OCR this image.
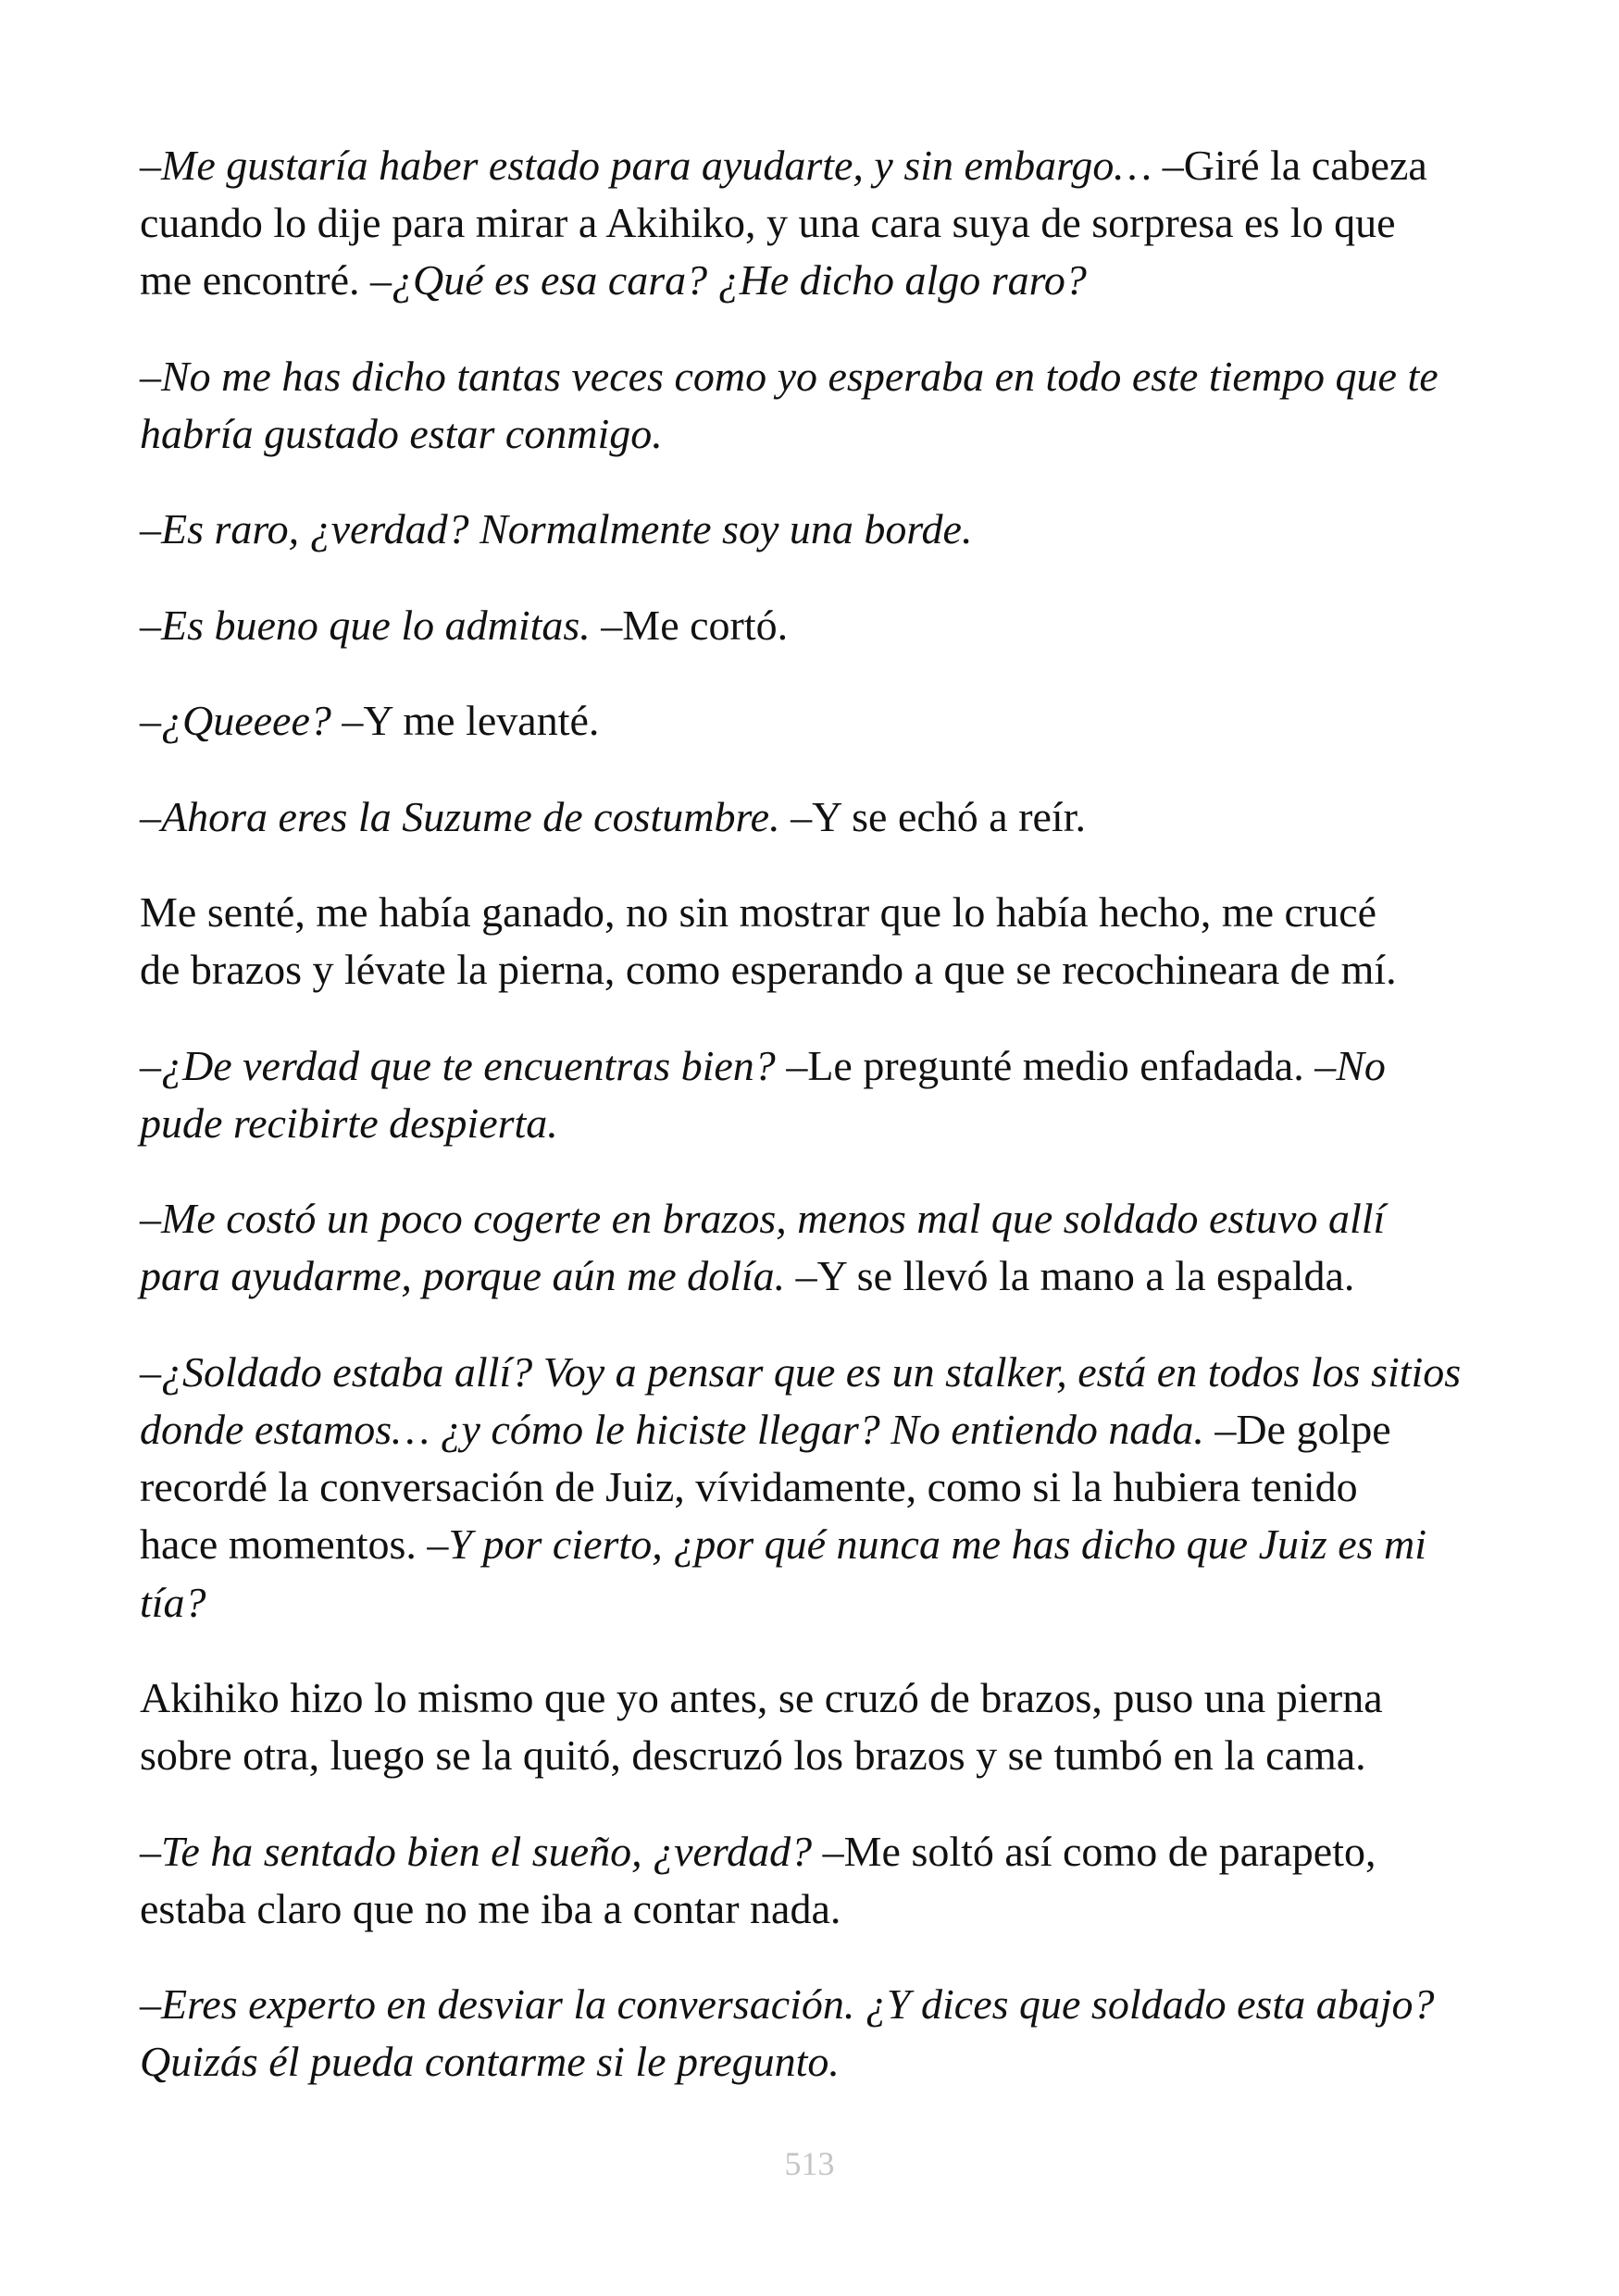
–Me gustaría haber estado para ayudarte, y sin embargo… –Giré la cabeza
cuando lo dije para mirar a Akihiko, y una cara suya de sorpresa es lo que
me encontré. –¿Qué es esa cara? ¿He dicho algo raro?

–No me has dicho tantas veces como yo esperaba en todo este tiempo que te
habría gustado estar conmigo.

–Es raro, ¿verdad? Normalmente soy una borde.

–Es bueno que lo admitas. –Me cortó.

–¿Queeee? –Y me levanté.

–Ahora eres la Suzume de costumbre. –Y se echó a reír.

Me senté, me había ganado, no sin mostrar que lo había hecho, me crucé
de brazos y lévate la pierna, como esperando a que se recochineara de mí.

–¿De verdad que te encuentras bien? –Le pregunté medio enfadada. –No
pude recibirte despierta.

–Me costó un poco cogerte en brazos, menos mal que soldado estuvo allí
para ayudarme, porque aún me dolía. –Y se llevó la mano a la espalda.

–¿Soldado estaba allí? Voy a pensar que es un stalker, está en todos los sitios
donde estamos… ¿y cómo le hiciste llegar? No entiendo nada. –De golpe
recordé la conversación de Juiz, vívidamente, como si la hubiera tenido
hace momentos. –Y por cierto, ¿por qué nunca me has dicho que Juiz es mi
tía?

Akihiko hizo lo mismo que yo antes, se cruzó de brazos, puso una pierna
sobre otra, luego se la quitó, descruzó los brazos y se tumbó en la cama.

–Te ha sentado bien el sueño, ¿verdad? –Me soltó así como de parapeto,
estaba claro que no me iba a contar nada.

–Eres experto en desviar la conversación. ¿Y dices que soldado esta abajo?
Quizás él pueda contarme si le pregunto.

513
